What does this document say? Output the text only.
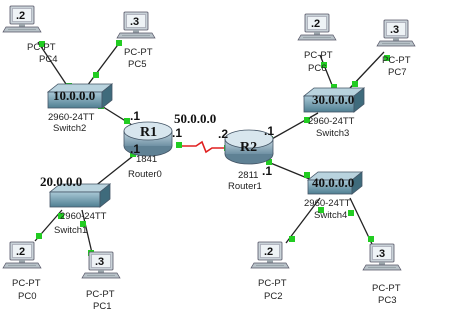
10.0.0.0
2960-24TT
Switch2
20.0.0.0
2960-24TT
Switch1
30.0.0.0
2960-24TT
Switch3
40.0.0.0
2960-24TT
Switch4
R1
1841
Router0
R2
2811
Router1
50.0.0.0
.1
.1
.1
.2	.1
.1
.2
PC-PT
PC4
.3
PC-PT
PC5
.2
PC-PT
PC6
.3
PC-PT
PC7
.2
PC-PT
PC0
.3
PC-PT
PC1
.2
PC-PT
PC2
.3
PC-PT
PC3
